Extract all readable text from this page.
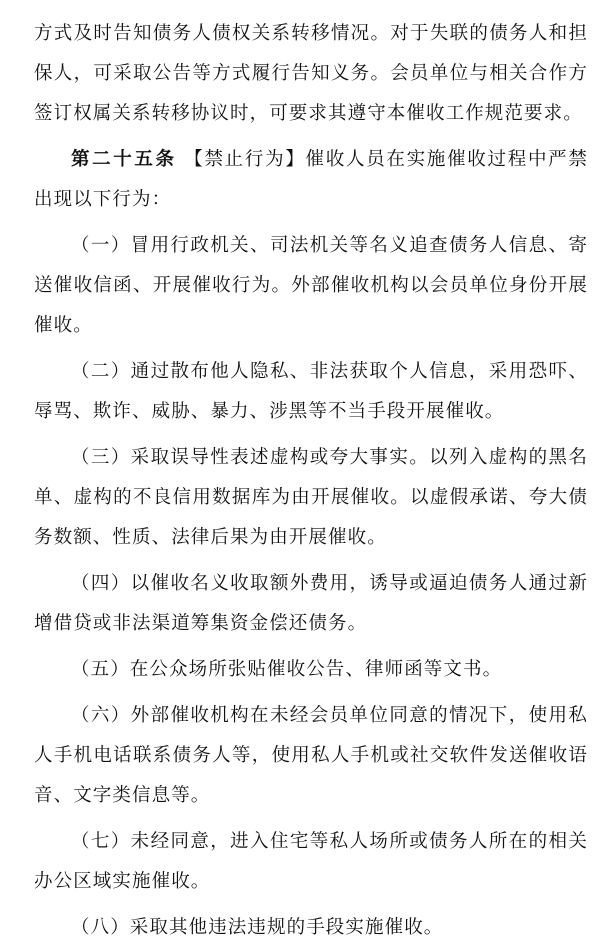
方式及时告知债务人债权关系转移情况。对于失联的债务人和担保人，可采取公告等方式履行告知义务。会员单位与相关合作方签订权属关系转移协议时，可要求其遵守本催收工作规范要求。

第二十五条 【禁止行为】催收人员在实施催收过程中严禁出现以下行为：

（一）冒用行政机关、司法机关等名义追查债务人信息、寄送催收信函、开展催收行为。外部催收机构以会员单位身份开展催收。

（二）通过散布他人隐私、非法获取个人信息，采用恐吓、辱骂、欺诈、威胁、暴力、涉黑等不当手段开展催收。

（三）采取误导性表述虚构或夸大事实。以列入虚构的黑名单、虚构的不良信用数据库为由开展催收。以虚假承诺、夸大债务数额、性质、法律后果为由开展催收。

（四）以催收名义收取额外费用，诱导或逼迫债务人通过新增借贷或非法渠道筹集资金偿还债务。

（五）在公众场所张贴催收公告、律师函等文书。

（六）外部催收机构在未经会员单位同意的情况下，使用私人手机电话联系债务人等，使用私人手机或社交软件发送催收语音、文字类信息等。

（七）未经同意，进入住宅等私人场所或债务人所在的相关办公区域实施催收。

（八）采取其他违法违规的手段实施催收。
